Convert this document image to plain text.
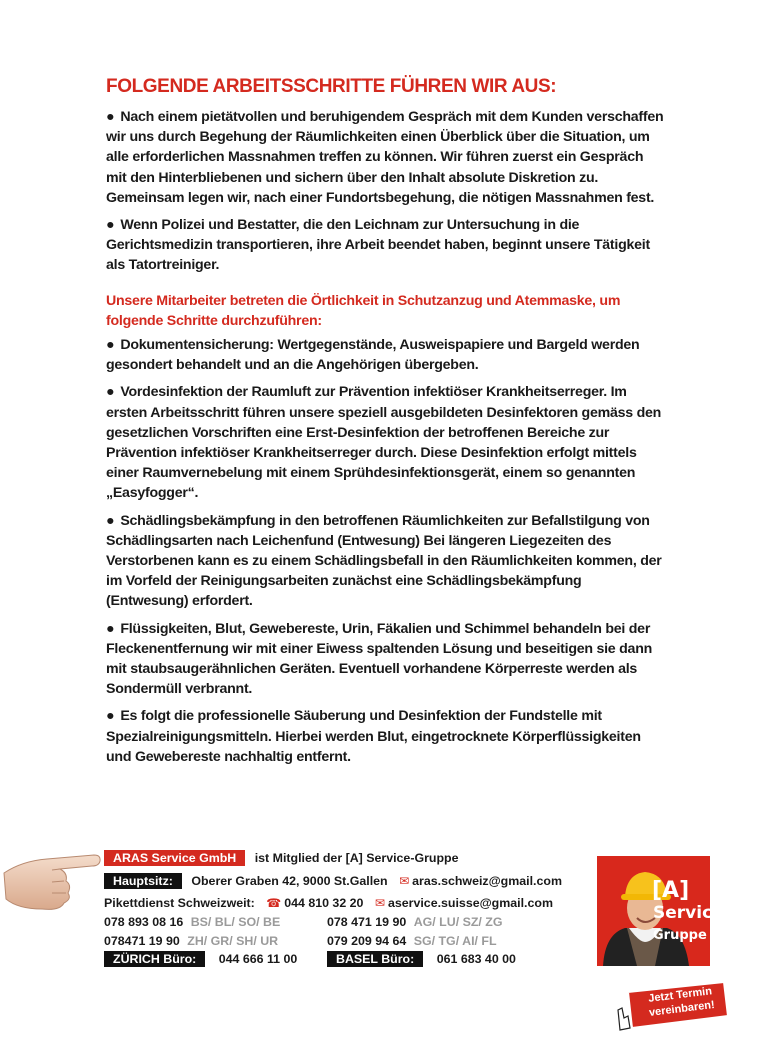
FOLGENDE ARBEITSSCHRITTE FÜHREN WIR AUS:

● Nach einem pietätvollen und beruhigendem Gespräch mit dem Kunden verschaffen wir uns durch Begehung der Räumlichkeiten einen Überblick über die Situation, um alle erforderlichen Massnahmen treffen zu können. Wir führen zuerst ein Gespräch mit den Hinterbliebenen und sichern über den Inhalt absolute Diskretion zu. Gemeinsam legen wir, nach einer Fundortsbegehung, die nötigen Massnahmen fest.

● Wenn Polizei und Bestatter, die den Leichnam zur Untersuchung in die Gerichtsmedizin transportieren, ihre Arbeit beendet haben, beginnt unsere Tätigkeit als Tatortreiniger.

Unsere Mitarbeiter betreten die Örtlichkeit in Schutzanzug und Atemmaske, um folgende Schritte durchzuführen:

● Dokumentensicherung: Wertgegenstände, Ausweispapiere und Bargeld werden gesondert behandelt und an die Angehörigen übergeben.

● Vordesinfektion der Raumluft zur Prävention infektiöser Krankheitserreger. Im ersten Arbeitsschritt führen unsere speziell ausgebildeten Desinfektoren gemäss den gesetzlichen Vorschriften eine Erst-Desinfektion der betroffenen Bereiche zur Prävention infektiöser Krankheitserreger durch. Diese Desinfektion erfolgt mittels einer Raumvernebelung mit einem Sprühdesinfektionsgerät, einem so genannten „Easyfogger“.

● Schädlingsbekämpfung in den betroffenen Räumlichkeiten zur Befallstilgung von Schädlingsarten nach Leichenfund (Entwesung) Bei längeren Liegezeiten des Verstorbenen kann es zu einem Schädlingsbefall in den Räumlichkeiten kommen, der im Vorfeld der Reinigungsarbeiten zunächst eine Schädlingsbekämpfung (Entwesung) erfordert.

● Flüssigkeiten, Blut, Gewebereste, Urin, Fäkalien und Schimmel behandeln bei der Fleckenentfernung wir mit einer Eiwess spaltenden Lösung und beseitigen sie dann mit staubsaugerähnlichen Geräten. Eventuell vorhandene Körperreste werden als Sondermüll verbrannt.

● Es folgt die professionelle Säuberung und Desinfektion der Fundstelle mit Spezialreinigungsmitteln. Hierbei werden Blut, eingetrocknete Körperflüssigkeiten und Gewebereste nachhaltig entfernt.

ARAS Service GmbH ist Mitglied der [A] Service-Gruppe
Hauptsitz: Oberer Graben 42, 9000 St.Gallen ✉ aras.schweiz@gmail.com
Pikettdienst Schweizweit: ☎ 044 810 32 20 ✉ aservice.suisse@gmail.com
078 893 08 16 BS/ BL/ SO/ BE	078 471 19 90 AG/ LU/ SZ/ ZG
078471 19 90 ZH/ GR/ SH/ UR	079 209 94 64 SG/ TG/ AI/ FL
ZÜRICH Büro: 044 666 11 00	BASEL Büro: 061 683 40 00
[A]
Service
Gruppe
Jetzt Termin
vereinbaren!
